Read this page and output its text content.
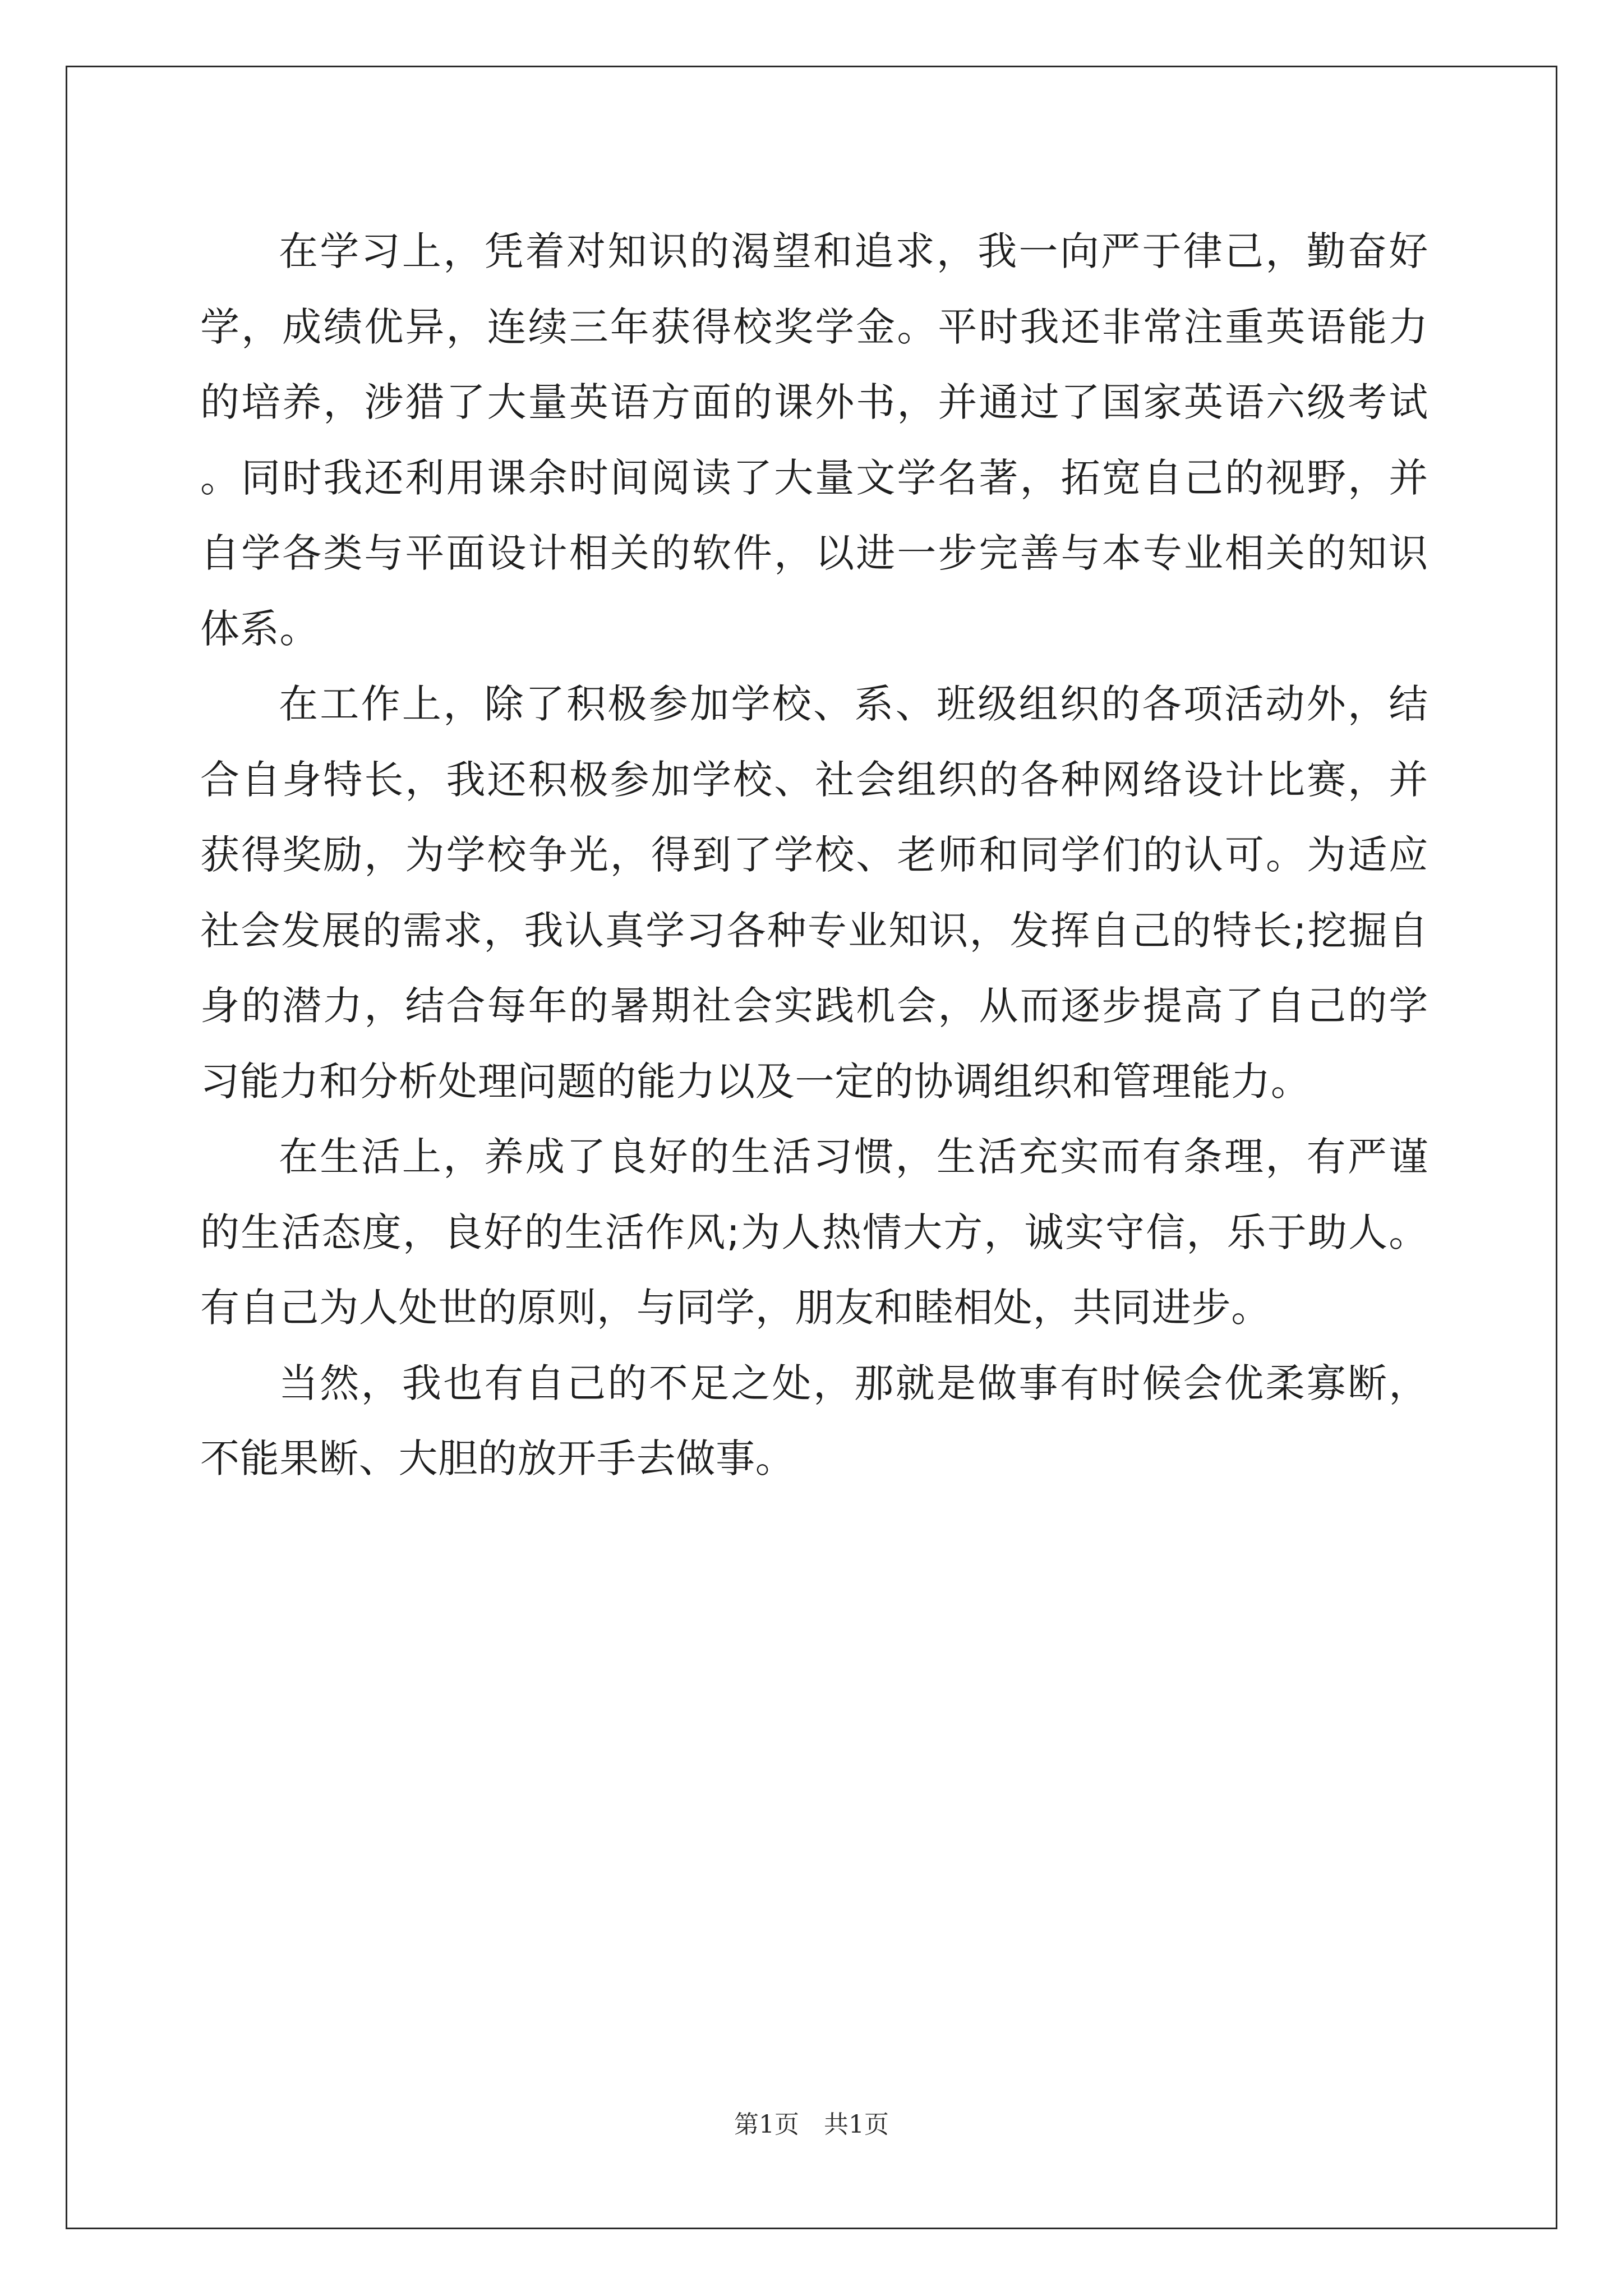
在学习上，凭着对知识的渴望和追求，我一向严于律己，勤奋好学，成绩优异，连续三年获得校奖学金。平时我还非常注重英语能力的培养，涉猎了大量英语方面的课外书，并通过了国家英语六级考试。同时我还利用课余时间阅读了大量文学名著，拓宽自己的视野，并自学各类与平面设计相关的软件，以进一步完善与本专业相关的知识体系。

在工作上，除了积极参加学校、系、班级组织的各项活动外，结合自身特长，我还积极参加学校、社会组织的各种网络设计比赛，并获得奖励，为学校争光，得到了学校、老师和同学们的认可。为适应社会发展的需求，我认真学习各种专业知识，发挥自己的特长;挖掘自身的潜力，结合每年的暑期社会实践机会，从而逐步提高了自己的学习能力和分析处理问题的能力以及一定的协调组织和管理能力。

在生活上，养成了良好的生活习惯，生活充实而有条理，有严谨的生活态度，良好的生活作风;为人热情大方，诚实守信，乐于助人。有自己为人处世的原则，与同学，朋友和睦相处，共同进步。

当然，我也有自己的不足之处，那就是做事有时候会优柔寡断，不能果断、大胆的放开手去做事。

第1页　共1页
